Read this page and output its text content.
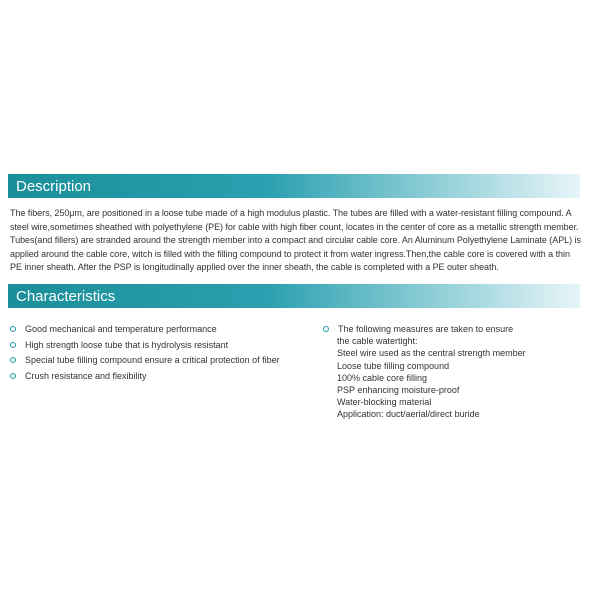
Description
The fibers, 250μm, are positioned in a loose tube made of a high modulus plastic. The tubes are filled with a water-resistant filling compound. A steel wire,sometimes sheathed with polyethylene (PE) for cable with high fiber count, locates in the center of core as a metallic strength member. Tubes(and fillers) are stranded around the strength member into a compact and circular cable core. An Aluminum Polyethylene Laminate (APL) is applied around the cable core, witch is filled with the filling compound to protect it from water ingress.Then,the cable core is covered with a thin PE inner sheath. After the PSP is longitudinally applied over the inner sheath, the cable is completed with a PE outer sheath.
Characteristics
Good mechanical and temperature performance
High strength loose tube that is hydrolysis resistant
Special tube filling compound ensure a critical protection of fiber
Crush resistance and flexibility
The following measures are taken to ensure
the cable watertight:
Steel wire used as the central strength member
Loose tube filling compound
100% cable core filling
PSP enhancing moisture-proof
Water-blocking material
Application: duct/aerial/direct buride
